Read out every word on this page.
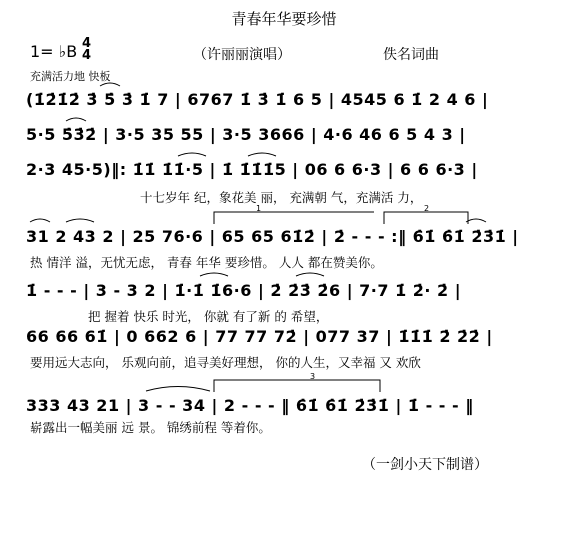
青春年华要珍惜
（许丽丽演唱）	佚名词曲
1= ♭B 4
4
充满活力地 快板
(1̇2̇1̇2̇ 3̇ 5̇ 3̇ 1̇ 7 | 6767 1̇ 3̇ 1̇ 6 5 | 4545 6 1̇ 2 4 6 |
5·5 5̇3̇2̇ | 3·5 35 55 | 3·5 3666 | 4·6 46 6 5 4 3 |
2·3 45·5)‖: 1̇1̇ 1̇1̇·5 | 1̇ 1̇1̇1̇5 | 06 6 6·3 | 6 6 6·3 |
十七岁年 纪，象花美 丽， 充满朝 气，充满活 力，
31 2 43 2 | 25 76·6 | 65 65 61̇2̇ | 2̇ - - - :‖ 6̇1̇ 6̇1̇ 2̇3̇1̇ |
热 情洋 溢，无忧无虑， 青春 年华 要珍惜。 人人 都在赞美你。
1̇ - - - | 3 - 3 2 | 1̇·1̇ 1̇6·6 | 2̇ 2̇3̇ 2̇6 | 7·7 1̇ 2̇· 2̇ |
把 握着 快乐 时光， 你就 有了新 的 希望，
66 66 61̇ | 0 662 6 | 77 77 72̇ | 077 37 | 1̇1̇1̇ 2̇ 2̇2̇ |
要用远大志向， 乐观向前，追寻美好理想， 你的人生，又幸福 又 欢欣
333 43 21 | 3 - - 34 | 2 - - - ‖ 6̇1̇ 6̇1̇ 2̇3̇1̇ | 1̇ - - - ‖
崭露出一幅美丽 远 景。 锦绣前程 等着你。
（一剑小天下制谱）
1	2
3
